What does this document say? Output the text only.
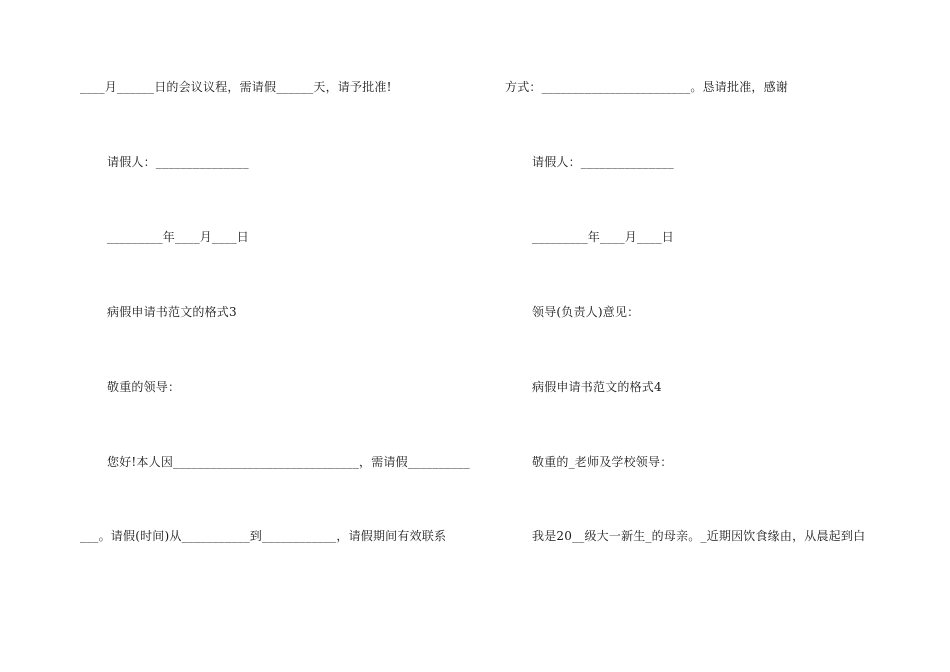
____月______日的会议议程，需请假______天，请予批准!
请假人：_______________
_________年____月____日
病假申请书范文的格式3
敬重的领导：
您好!本人因______________________________，需请假__________
___。请假(时间)从___________到____________，请假期间有效联系
方式：________________________。恳请批准，感谢
请假人：_______________
_________年____月____日
领导(负责人)意见：
病假申请书范文的格式4
敬重的_老师及学校领导：
我是20__级大一新生_的母亲。_近期因饮食缘由，从晨起到白
